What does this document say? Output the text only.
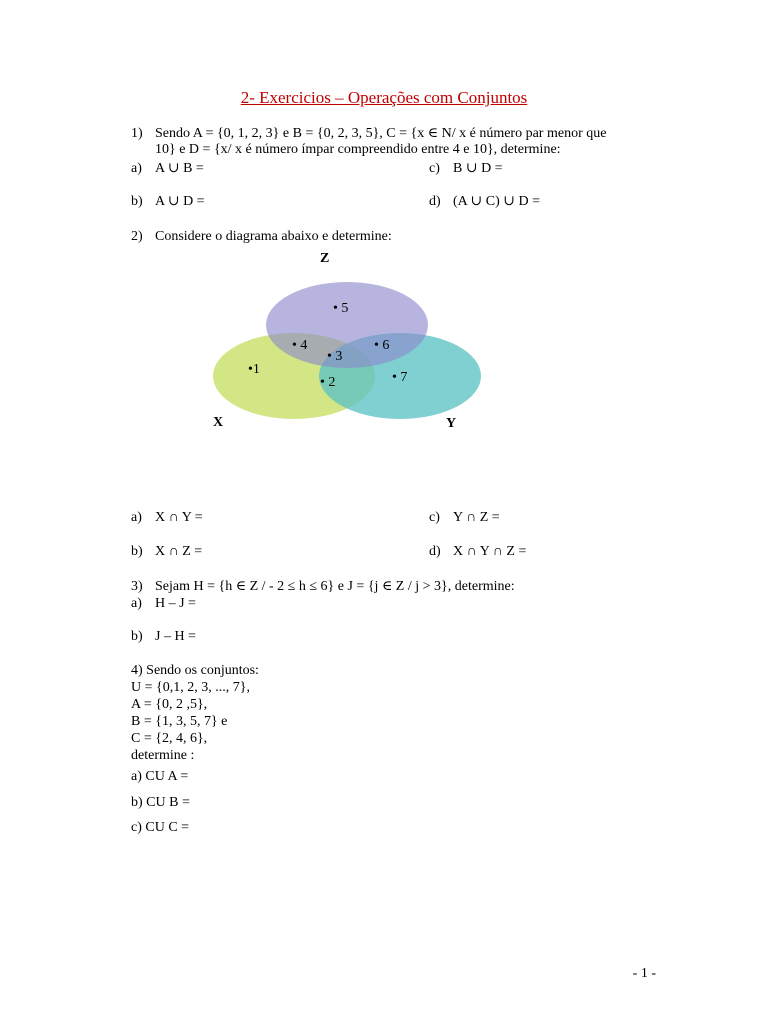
2- Exercicios – Operações com Conjuntos
1) Sendo A = {0, 1, 2, 3} e B = {0, 2, 3, 5}, C = {x ∈ N/ x é número par menor que
10} e D = {x/ x é número ímpar compreendido entre 4 e 10}, determine:
a) A ∪ B =	c) B ∪ D =
b) A ∪ D =	d) (A ∪ C) ∪ D =
2) Considere o diagrama abaixo e determine:
Z
X	Y
• 5
• 4	• 6
• 3
•1
• 2	• 7
a) X ∩ Y =	c) Y ∩ Z =
b) X ∩ Z =	d) X ∩ Y ∩ Z =
3) Sejam H = {h ∈ Z / - 2 ≤ h ≤ 6} e J = {j ∈ Z / j > 3}, determine:
a) H – J =
b) J – H =
4) Sendo os conjuntos:
U = {0,1, 2, 3, ..., 7},
A = {0, 2 ,5},
B = {1, 3, 5, 7} e
C = {2, 4, 6},
determine :
a) CU A =
b) CU B =
c) CU C =
- 1 -
